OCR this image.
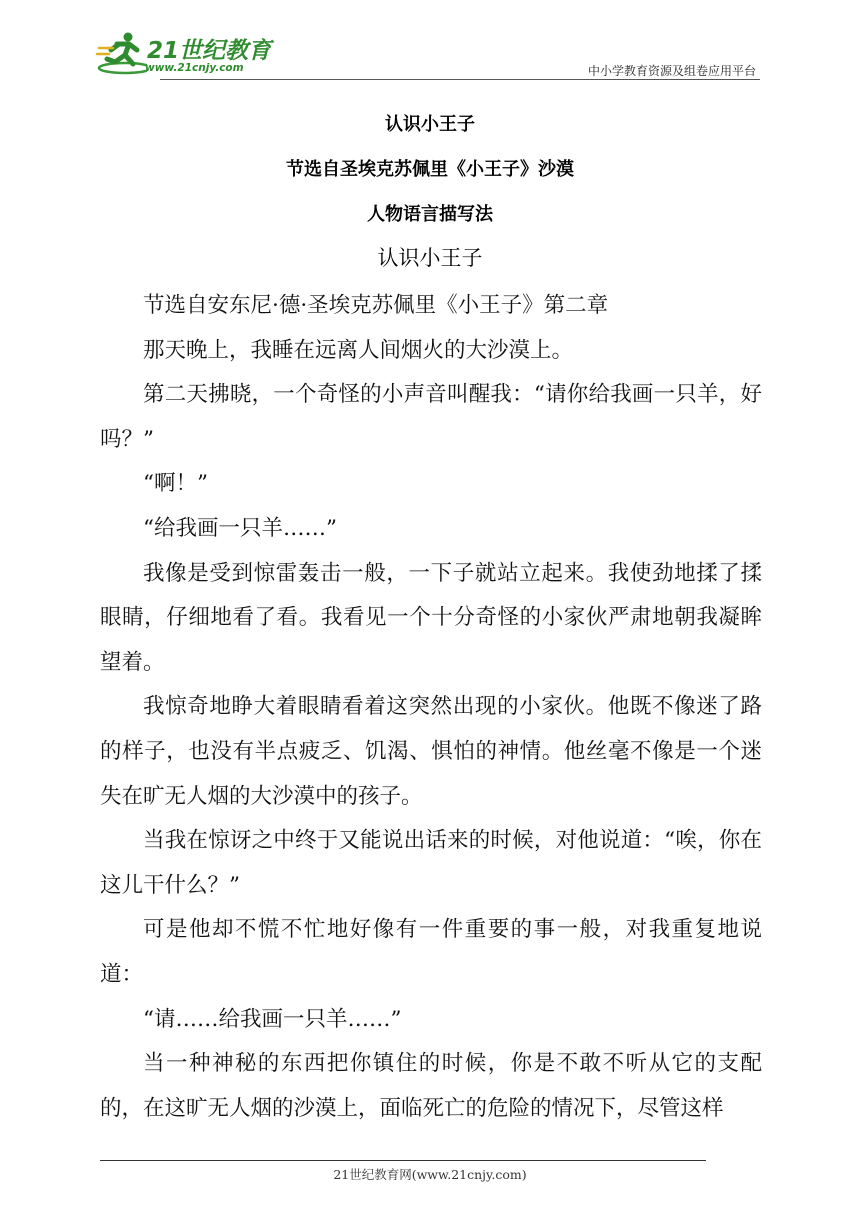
21世纪教育
www.21cnjy.com	中小学教育资源及组卷应用平台
认识小王子
节选自圣埃克苏佩里《小王子》沙漠
人物语言描写法
认识小王子

节选自安东尼·德·圣埃克苏佩里《小王子》第二章

那天晚上，我睡在远离人间烟火的大沙漠上。

第二天拂晓，一个奇怪的小声音叫醒我：“请你给我画一只羊，好吗？”

“啊！”

“给我画一只羊……”

我像是受到惊雷轰击一般，一下子就站立起来。我使劲地揉了揉眼睛，仔细地看了看。我看见一个十分奇怪的小家伙严肃地朝我凝眸望着。

我惊奇地睁大着眼睛看着这突然出现的小家伙。他既不像迷了路的样子，也没有半点疲乏、饥渴、惧怕的神情。他丝毫不像是一个迷失在旷无人烟的大沙漠中的孩子。

当我在惊讶之中终于又能说出话来的时候，对他说道：“唉，你在这儿干什么？”

可是他却不慌不忙地好像有一件重要的事一般，对我重复地说道：

“请……给我画一只羊……”

当一种神秘的东西把你镇住的时候，你是不敢不听从它的支配的，在这旷无人烟的沙漠上，面临死亡的危险的情况下，尽管这样

21世纪教育网(www.21cnjy.com)
